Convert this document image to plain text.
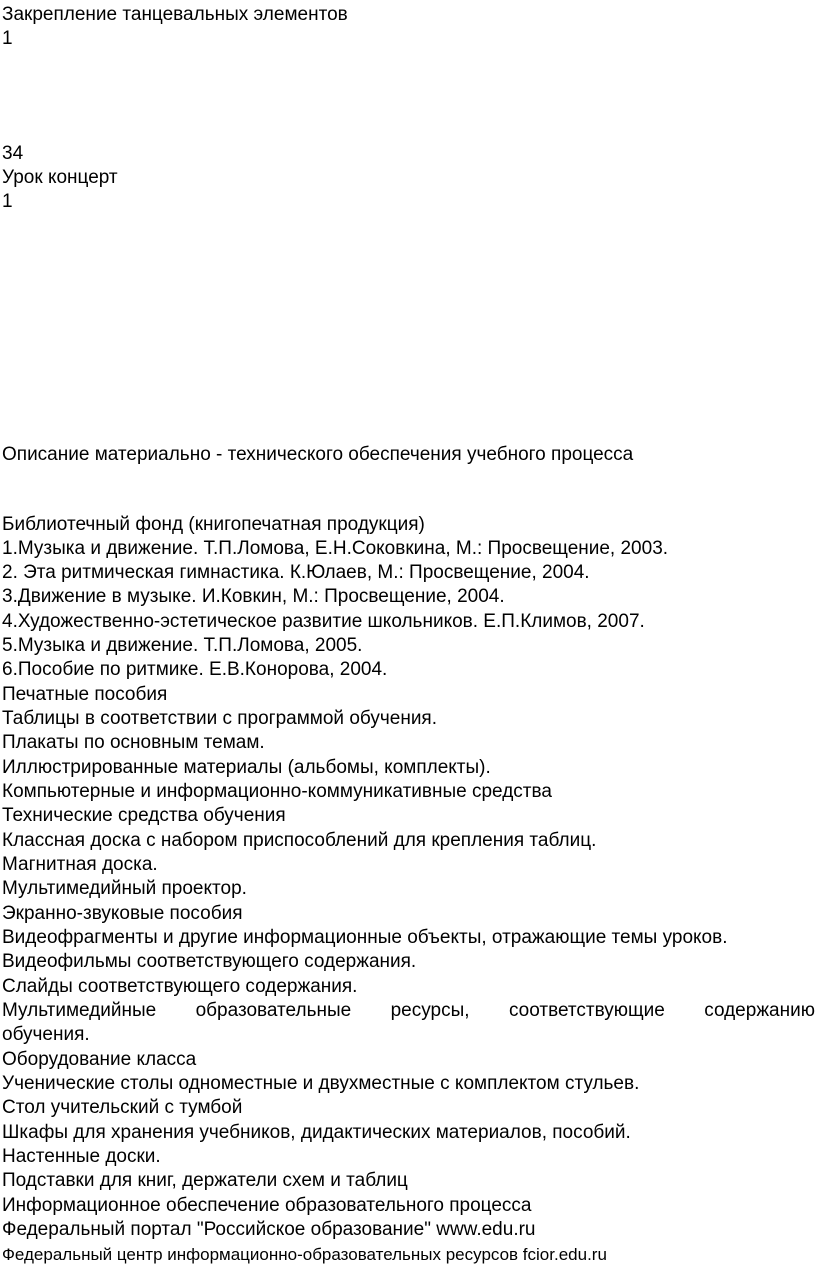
Закрепление танцевальных элементов
1
34
Урок концерт
1
Описание материально - технического обеспечения учебного процесса
Библиотечный фонд (книгопечатная продукция)
1.Музыка и движение. Т.П.Ломова, Е.Н.Соковкина, М.: Просвещение, 2003.
2. Эта ритмическая гимнастика. К.Юлаев, М.: Просвещение, 2004.
3.Движение в музыке. И.Ковкин, М.: Просвещение, 2004.
4.Художественно-эстетическое развитие школьников. Е.П.Климов, 2007.
5.Музыка и движение. Т.П.Ломова, 2005.
6.Пособие по ритмике. Е.В.Конорова, 2004.
Печатные пособия
Таблицы в соответствии с программой обучения.
Плакаты по основным темам.
Иллюстрированные материалы (альбомы, комплекты).
Компьютерные и информационно-коммуникативные средства
Технические средства обучения
Классная доска с набором приспособлений для крепления таблиц.
Магнитная доска.
Мультимедийный проектор.
Экранно-звуковые пособия
Видеофрагменты и другие информационные объекты, отражающие темы уроков.
Видеофильмы соответствующего содержания.
Слайды соответствующего содержания.
Мультимедийные образовательные ресурсы, соответствующие содержанию
обучения.
Оборудование класса
Ученические столы одноместные и двухместные с комплектом стульев.
Стол учительский с тумбой
Шкафы для хранения учебников, дидактических материалов, пособий.
Настенные доски.
Подставки для книг, держатели схем и таблиц
Информационное обеспечение образовательного процесса
Федеральный портал "Российское образование" www.edu.ru
Федеральный центр информационно-образовательных ресурсов fcior.edu.ru
